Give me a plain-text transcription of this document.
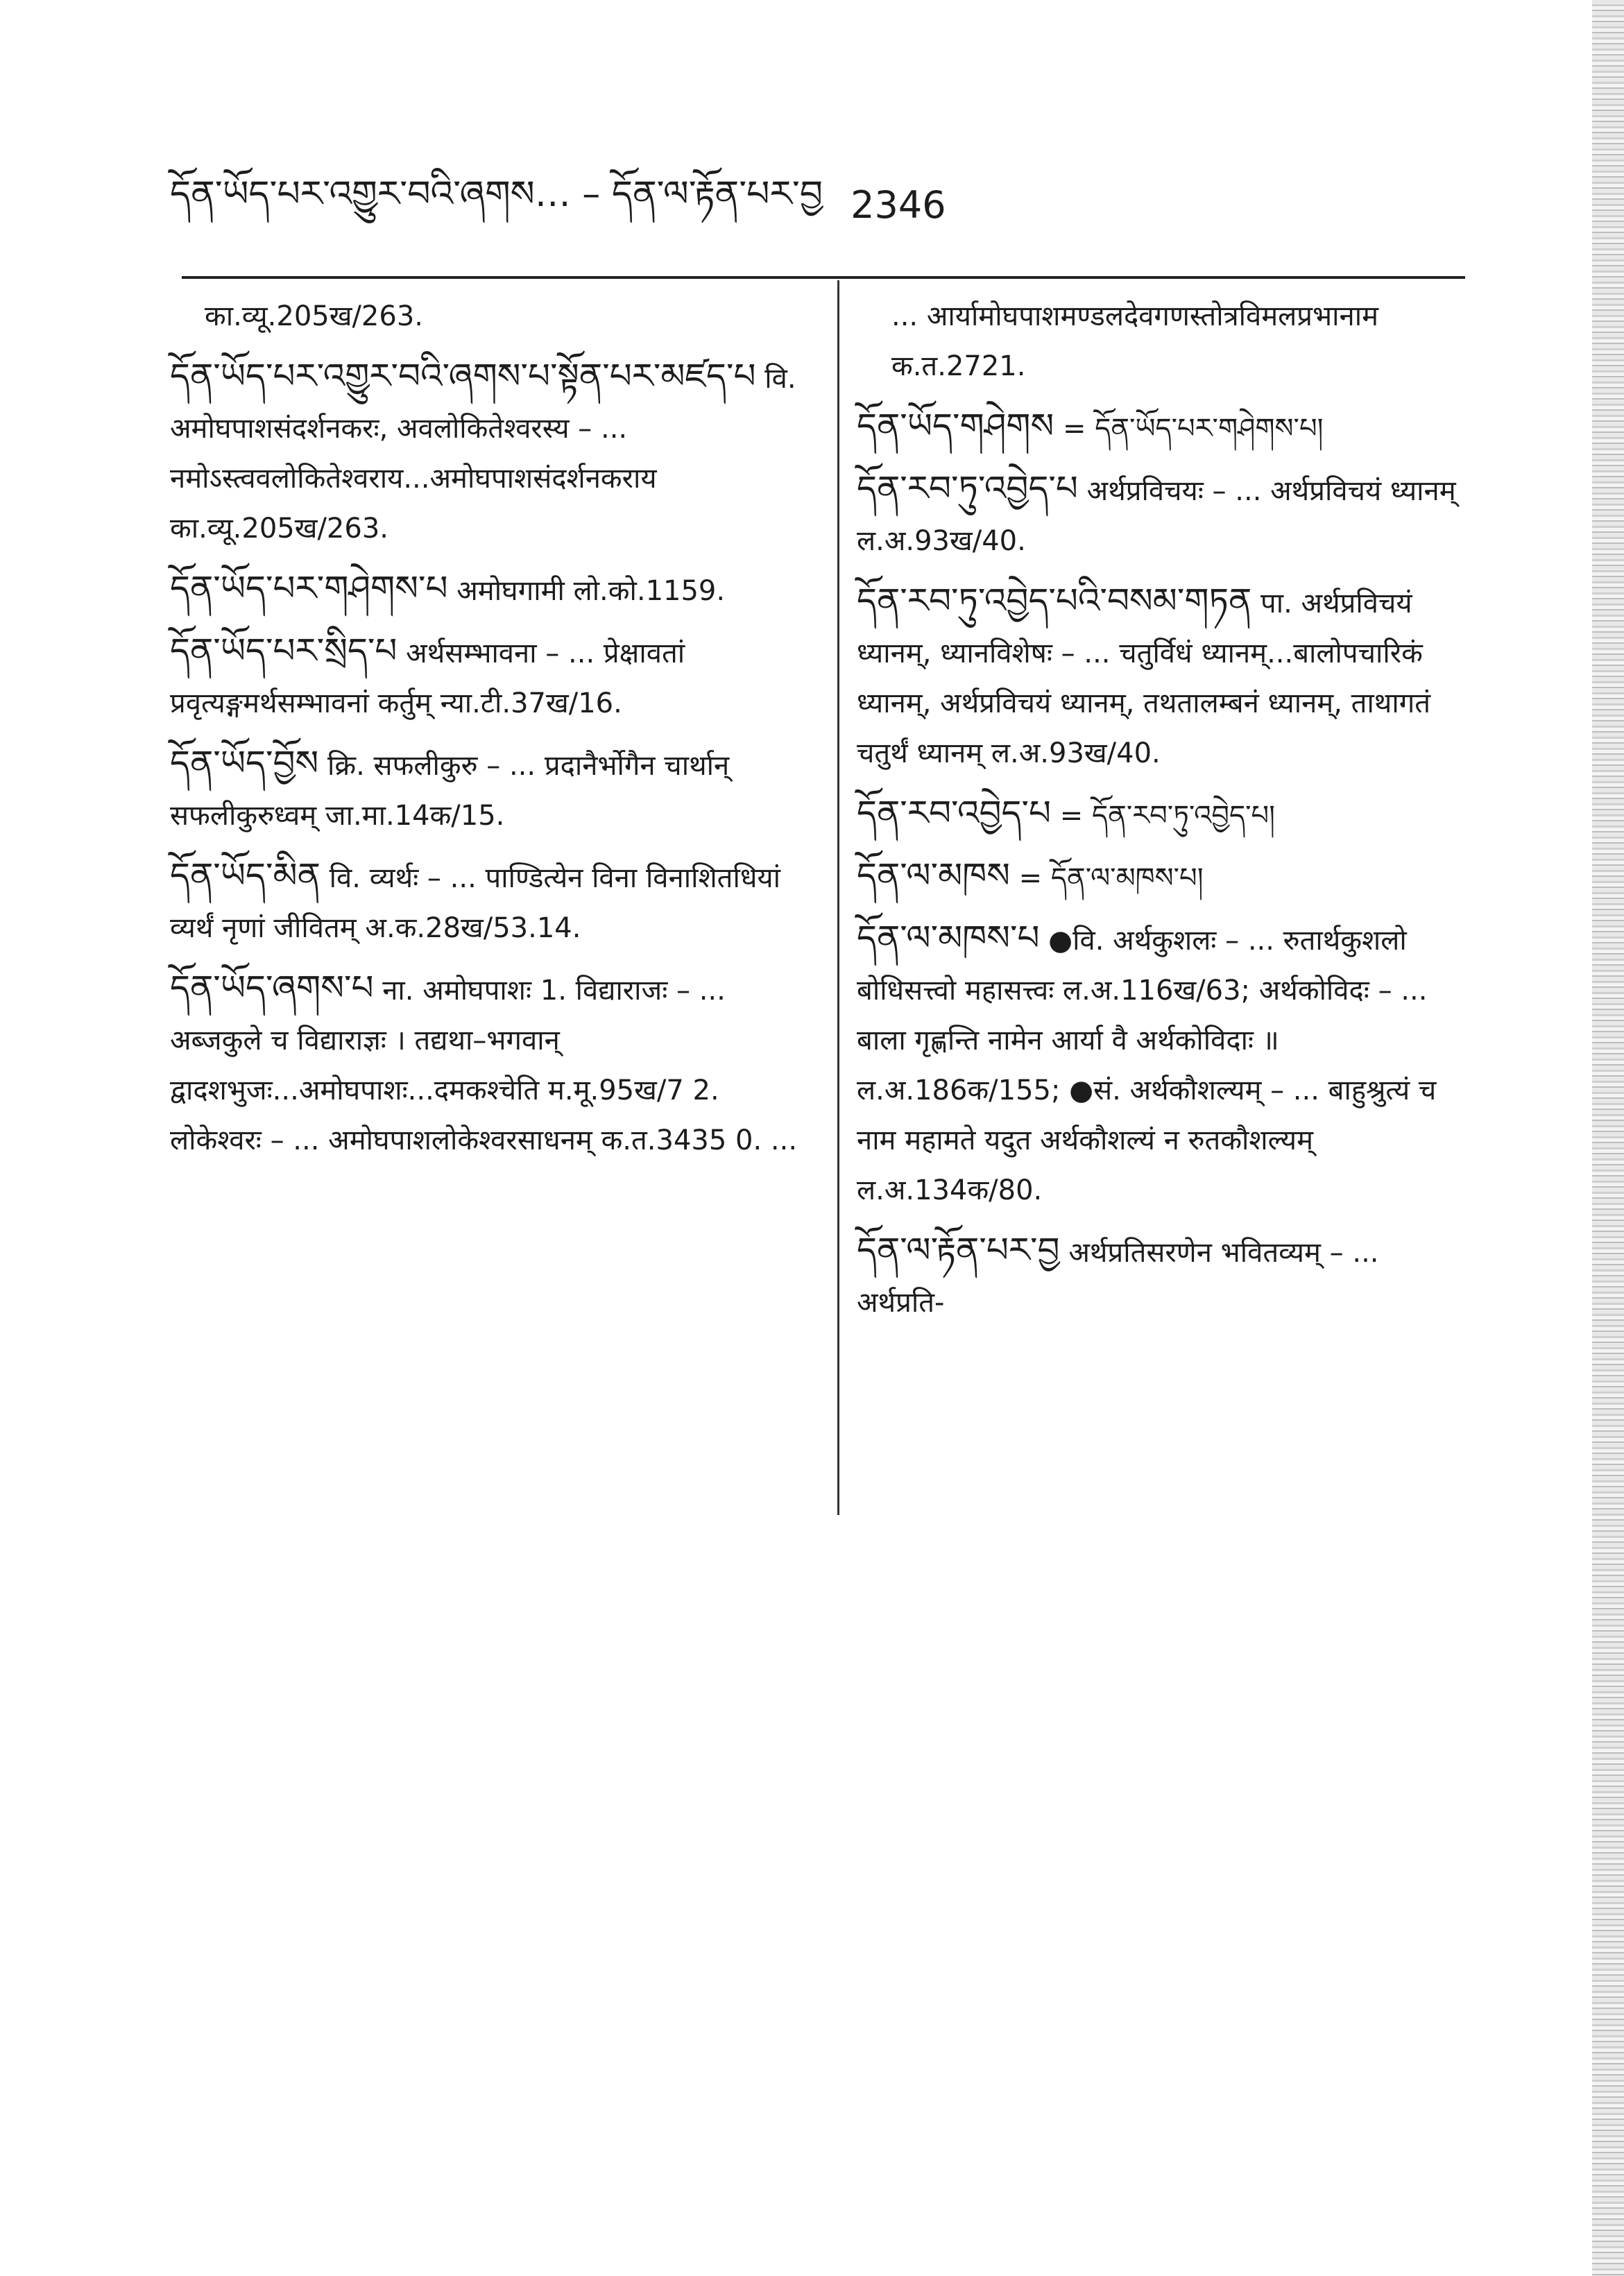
དོན་ཡོད་པར་འགྱུར་བའི་ཞགས… – དོན་ལ་རྟོན་པར་བྱ 2346
का.व्यू.205ख/263.
དོན་ཡོད་པར་འགྱུར་བའི་ཞགས་པ་སྟོན་པར་མཛད་པ वि. अमोघपाशसंदर्शनकरः, अवलोकितेश्वरस्य – ... नमोऽस्त्ववलोकितेश्वराय...अमोघपाशसंदर्शनकराय का.व्यू.205ख/263.
དོན་ཡོད་པར་གཤེགས་པ अमोघगामी लो.को.1159.
དོན་ཡོད་པར་སྲིད་པ अर्थसम्भावना – ... प्रेक्षावतां प्रवृत्यङ्गमर्थसम्भावनां कर्तुम् न्या.टी.37ख/16.
དོན་ཡོད་བྱོས क्रि. सफलीकुरु – ... प्रदानैर्भोगैन चार्थान् सफलीकुरुध्वम् जा.मा.14क/15.
དོན་ཡོད་མིན वि. व्यर्थः – ... पाण्डित्येन विना विनाशितधियां व्यर्थं नृणां जीवितम् अ.क.28ख/53.14.
དོན་ཡོད་ཞགས་པ ना. अमोघपाशः 1. विद्याराजः – ... अब्जकुले च विद्याराज्ञः । तद्यथा–भगवान् द्वादशभुजः...अमोघपाशः...दमकश्चेति म.मू.95ख/7 2. लोकेश्वरः – ... अमोघपाशलोकेश्वरसाधनम् क.त.3435 0. ...
... आर्यामोघपाशमण्डलदेवगणस्तोत्रविमलप्रभानाम क.त.2721.
དོན་ཡོད་གཤེགས = དོན་ཡོད་པར་གཤེགས་པ།
དོན་རབ་ཏུ་འབྱེད་པ अर्थप्रविचयः – ... अर्थप्रविचयं ध्यानम् ल.अ.93ख/40.
དོན་རབ་ཏུ་འབྱེད་པའི་བསམ་གཏན पा. अर्थप्रविचयं ध्यानम्, ध्यानविशेषः – ... चतुर्विधं ध्यानम्...बालोपचारिकं ध्यानम्, अर्थप्रविचयं ध्यानम्, तथतालम्बनं ध्यानम्, ताथागतं चतुर्थं ध्यानम् ल.अ.93ख/40.
དོན་རབ་འབྱེད་པ = དོན་རབ་ཏུ་འབྱེད་པ།
དོན་ལ་མཁས = དོན་ལ་མཁས་པ།
དོན་ལ་མཁས་པ ●वि. अर्थकुशलः – ... रुतार्थकुशलो बोधिसत्त्वो महासत्त्वः ल.अ.116ख/63; अर्थकोविदः – ... बाला गृह्णन्ति नामेन आर्या वै अर्थकोविदाः ॥ ल.अ.186क/155; ●सं. अर्थकौशल्यम् – ... बाहुश्रुत्यं च नाम महामते यदुत अर्थकौशल्यं न रुतकौशल्यम् ल.अ.134क/80.
དོན་ལ་རྟོན་པར་བྱ अर्थप्रतिसरणेन भवितव्यम् – ... अर्थप्रति-
